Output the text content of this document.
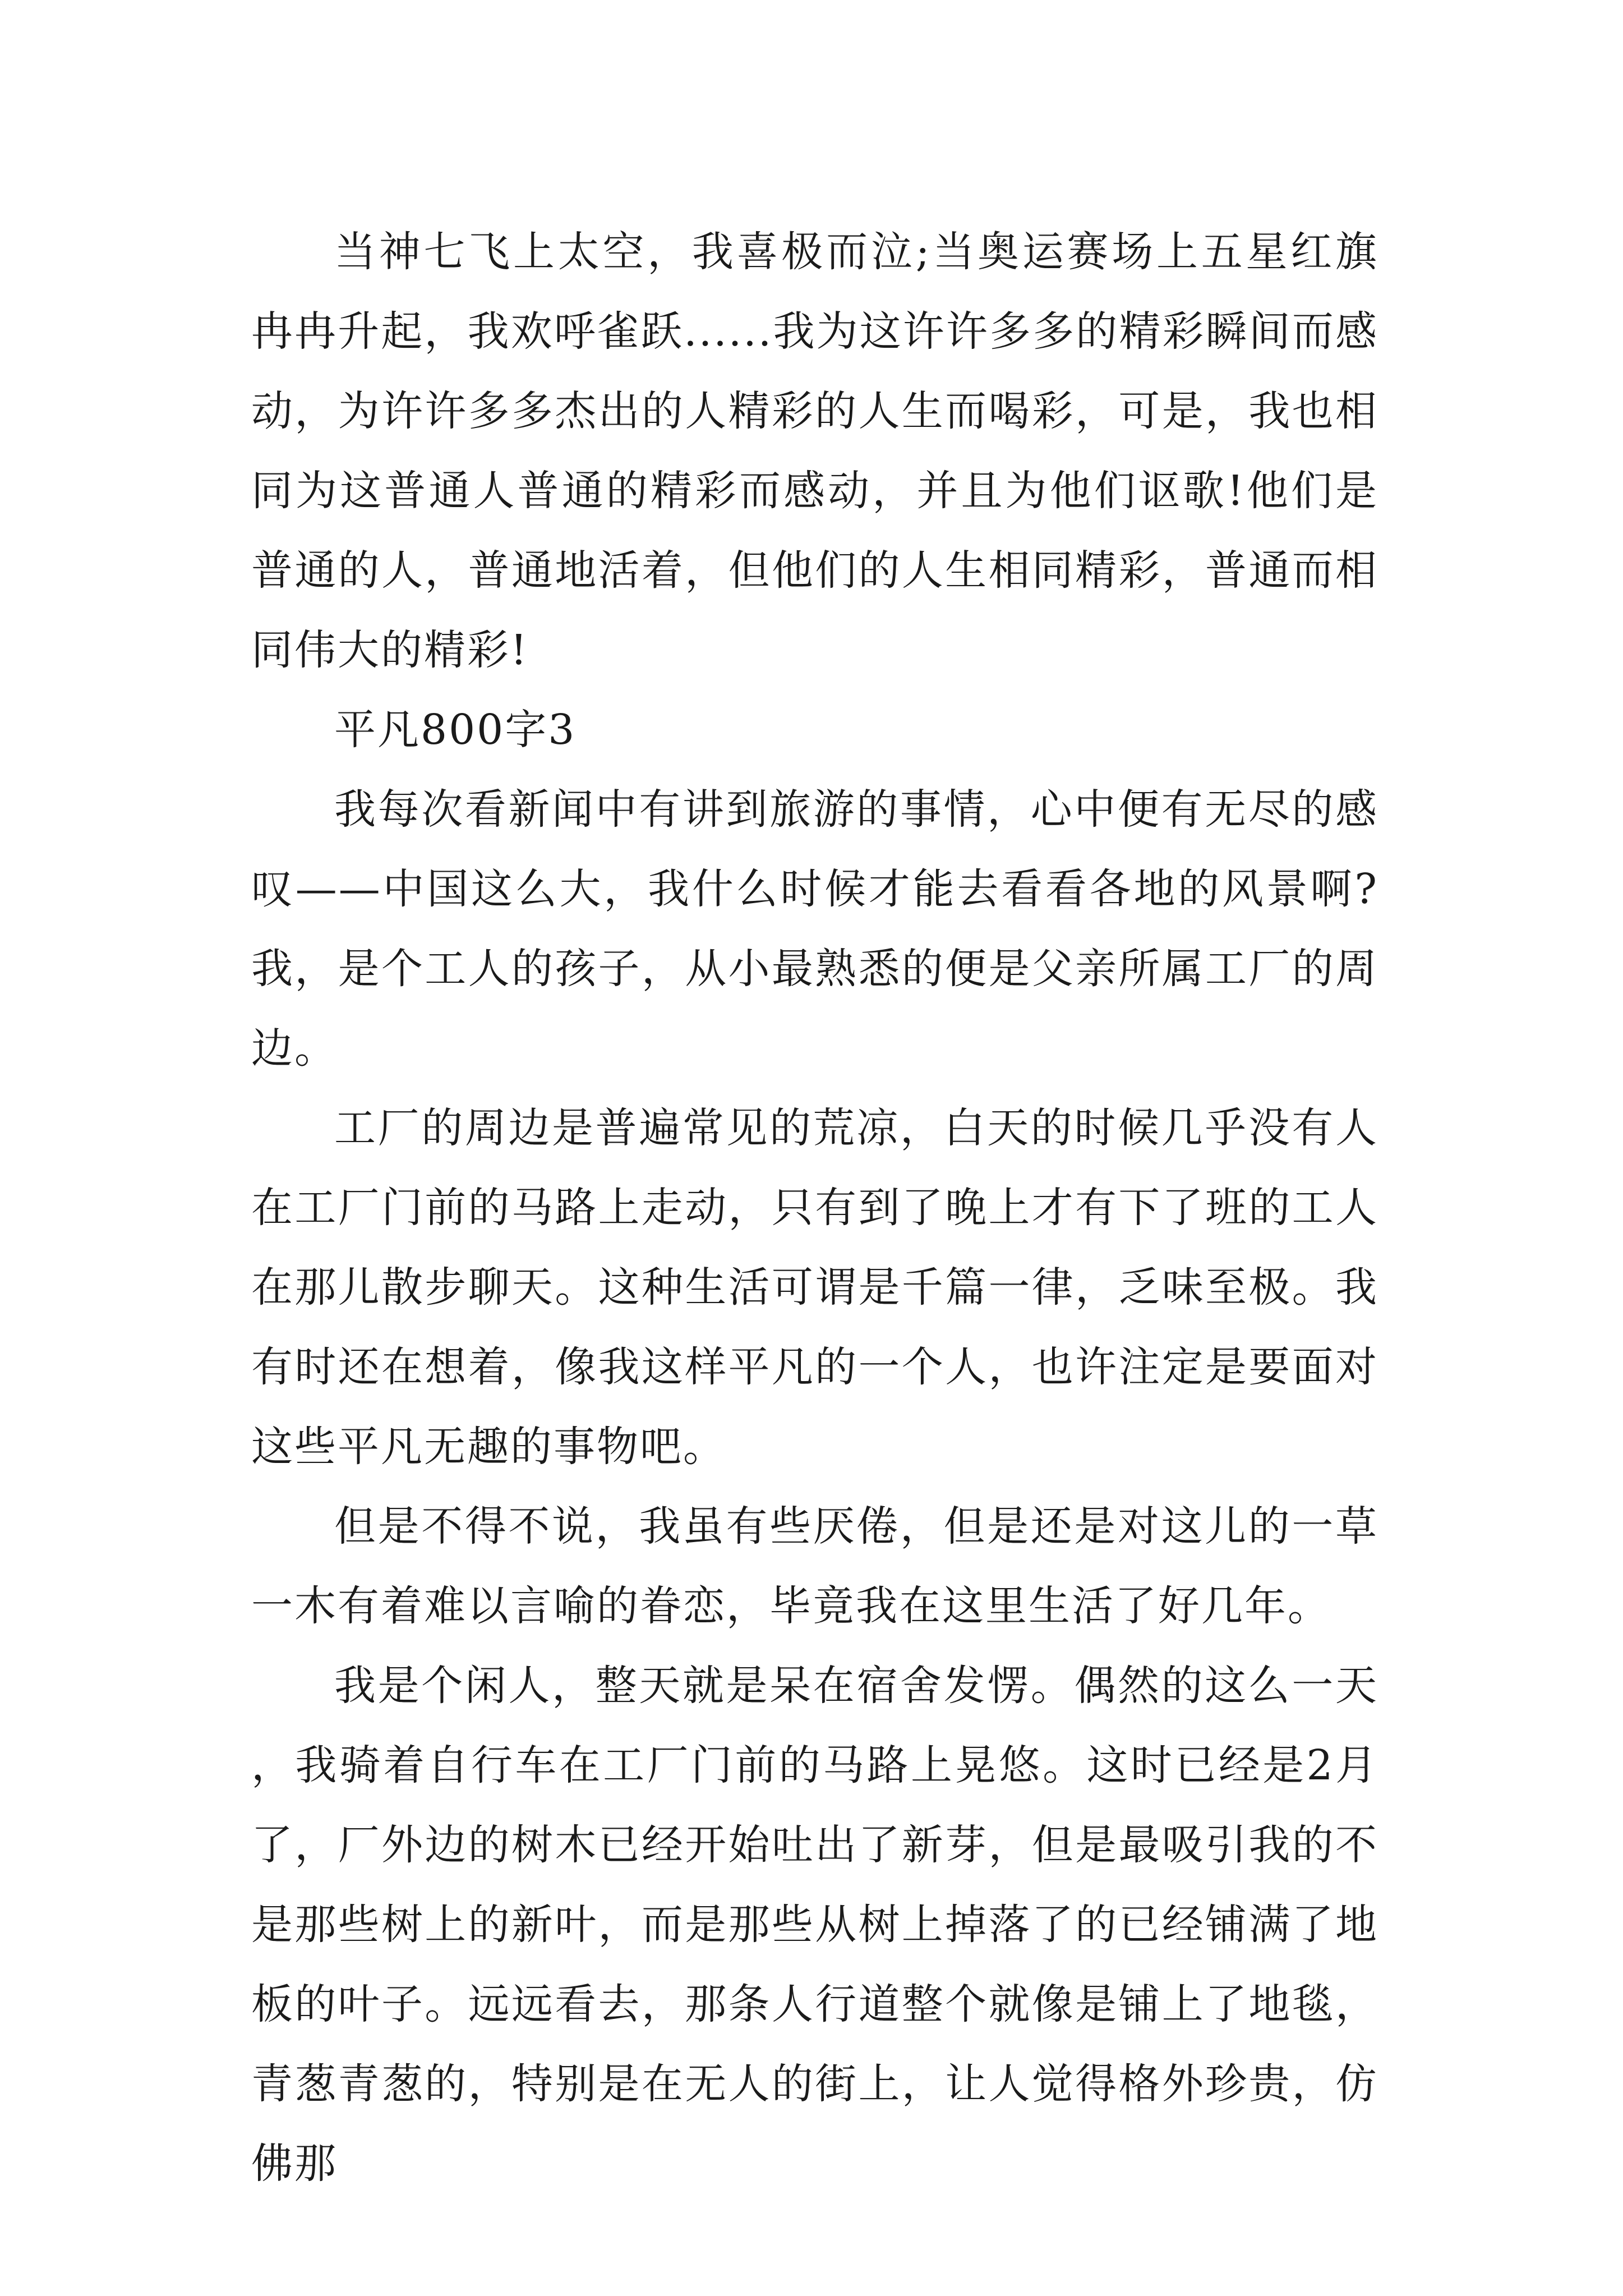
当神七飞上太空，我喜极而泣;当奥运赛场上五星红旗冉冉升起，我欢呼雀跃......我为这许许多多的精彩瞬间而感动，为许许多多杰出的人精彩的人生而喝彩，可是，我也相同为这普通人普通的精彩而感动，并且为他们讴歌!他们是普通的人，普通地活着，但他们的人生相同精彩，普通而相同伟大的精彩!

平凡800字3

我每次看新闻中有讲到旅游的事情，心中便有无尽的感叹——中国这么大，我什么时候才能去看看各地的风景啊?我，是个工人的孩子，从小最熟悉的便是父亲所属工厂的周边。

工厂的周边是普遍常见的荒凉，白天的时候几乎没有人在工厂门前的马路上走动，只有到了晚上才有下了班的工人在那儿散步聊天。这种生活可谓是千篇一律，乏味至极。我有时还在想着，像我这样平凡的一个人，也许注定是要面对这些平凡无趣的事物吧。

但是不得不说，我虽有些厌倦，但是还是对这儿的一草一木有着难以言喻的眷恋，毕竟我在这里生活了好几年。

我是个闲人，整天就是呆在宿舍发愣。偶然的这么一天，我骑着自行车在工厂门前的马路上晃悠。这时已经是2月了，厂外边的树木已经开始吐出了新芽，但是最吸引我的不是那些树上的新叶，而是那些从树上掉落了的已经铺满了地板的叶子。远远看去，那条人行道整个就像是铺上了地毯，青葱青葱的，特别是在无人的街上，让人觉得格外珍贵，仿佛那
